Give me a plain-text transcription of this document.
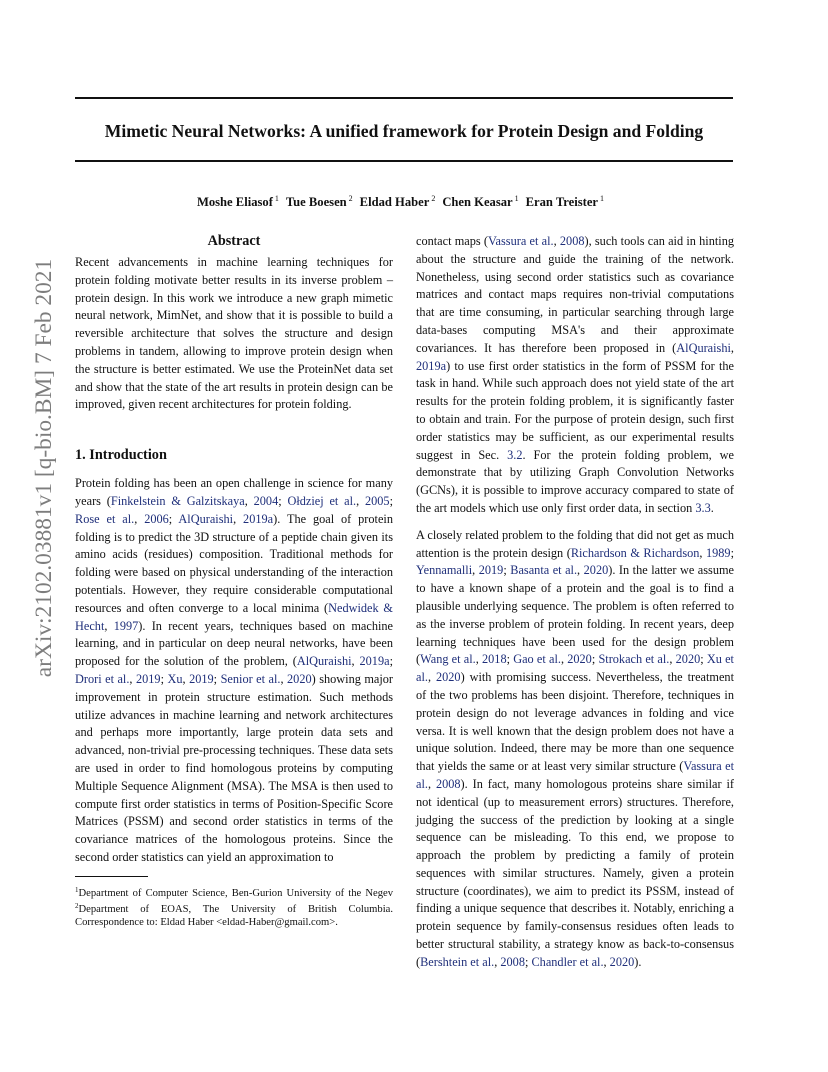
Mimetic Neural Networks: A unified framework for Protein Design and Folding
Moshe Eliasof $^1$ Tue Boesen $^2$ Eldad Haber $^2$ Chen Keasar $^1$ Eran Treister $^1$
arXiv:2102.03881v1 [q-bio.BM] 7 Feb 2021
Abstract

Recent advancements in machine learning techniques for protein folding motivate better results in its inverse problem – protein design. In this work we introduce a new graph mimetic neural network, MimNet, and show that it is possible to build a reversible architecture that solves the structure and design problems in tandem, allowing to improve protein design when the structure is better estimated. We use the ProteinNet data set and show that the state of the art results in protein design can be improved, given recent architectures for protein folding.

1. Introduction

Protein folding has been an open challenge in science for many years (Finkelstein & Galzitskaya, 2004; Ołdziej et al., 2005; Rose et al., 2006; AlQuraishi, 2019a). The goal of protein folding is to predict the 3D structure of a peptide chain given its amino acids (residues) composition. Traditional methods for folding were based on physical understanding of the interaction potentials. However, they require considerable computational resources and often converge to a local minima (Nedwidek & Hecht, 1997). In recent years, techniques based on machine learning, and in particular on deep neural networks, have been proposed for the solution of the problem, (AlQuraishi, 2019a; Drori et al., 2019; Xu, 2019; Senior et al., 2020) showing major improvement in protein structure estimation. Such methods utilize advances in machine learning and network architectures and perhaps more importantly, large protein data sets and advanced, non-trivial pre-processing techniques. These data sets are used in order to find homologous proteins by computing Multiple Sequence Alignment (MSA). The MSA is then used to compute first order statistics in terms of Position-Specific Score Matrices (PSSM) and second order statistics in terms of the covariance matrices of the homologous proteins. Since the second order statistics can yield an approximation to

$^1$Department of Computer Science, Ben-Gurion University of the Negev $^2$Department of EOAS, The University of British Columbia. Correspondence to: Eldad Haber <eldad-Haber@gmail.com>.

contact maps (Vassura et al., 2008), such tools can aid in hinting about the structure and guide the training of the network. Nonetheless, using second order statistics such as covariance matrices and contact maps requires non-trivial computations that are time consuming, in particular searching through large data-bases computing MSA's and their approximate covariances. It has therefore been proposed in (AlQuraishi, 2019a) to use first order statistics in the form of PSSM for the task in hand. While such approach does not yield state of the art results for the protein folding problem, it is significantly faster to obtain and train. For the purpose of protein design, such first order statistics may be sufficient, as our experimental results suggest in Sec. 3.2. For the protein folding problem, we demonstrate that by utilizing Graph Convolution Networks (GCNs), it is possible to improve accuracy compared to state of the art models which use only first order data, in section 3.3.

A closely related problem to the folding that did not get as much attention is the protein design (Richardson & Richardson, 1989; Yennamalli, 2019; Basanta et al., 2020). In the latter we assume to have a known shape of a protein and the goal is to find a plausible underlying sequence. The problem is often referred to as the inverse problem of protein folding. In recent years, deep learning techniques have been used for the design problem (Wang et al., 2018; Gao et al., 2020; Strokach et al., 2020; Xu et al., 2020) with promising success. Nevertheless, the treatment of the two problems has been disjoint. Therefore, techniques in protein design do not leverage advances in folding and vice versa. It is well known that the design problem does not have a unique solution. Indeed, there may be more than one sequence that yields the same or at least very similar structure (Vassura et al., 2008). In fact, many homologous proteins share similar if not identical (up to measurement errors) structures. Therefore, judging the success of the prediction by looking at a single sequence can be misleading. To this end, we propose to approach the problem by predicting a family of protein sequences with similar structures. Namely, given a protein structure (coordinates), we aim to predict its PSSM, instead of finding a unique sequence that describes it. Notably, enriching a protein sequence by family-consensus residues often leads to better structural stability, a strategy know as back-to-consensus (Bershtein et al., 2008; Chandler et al., 2020).
